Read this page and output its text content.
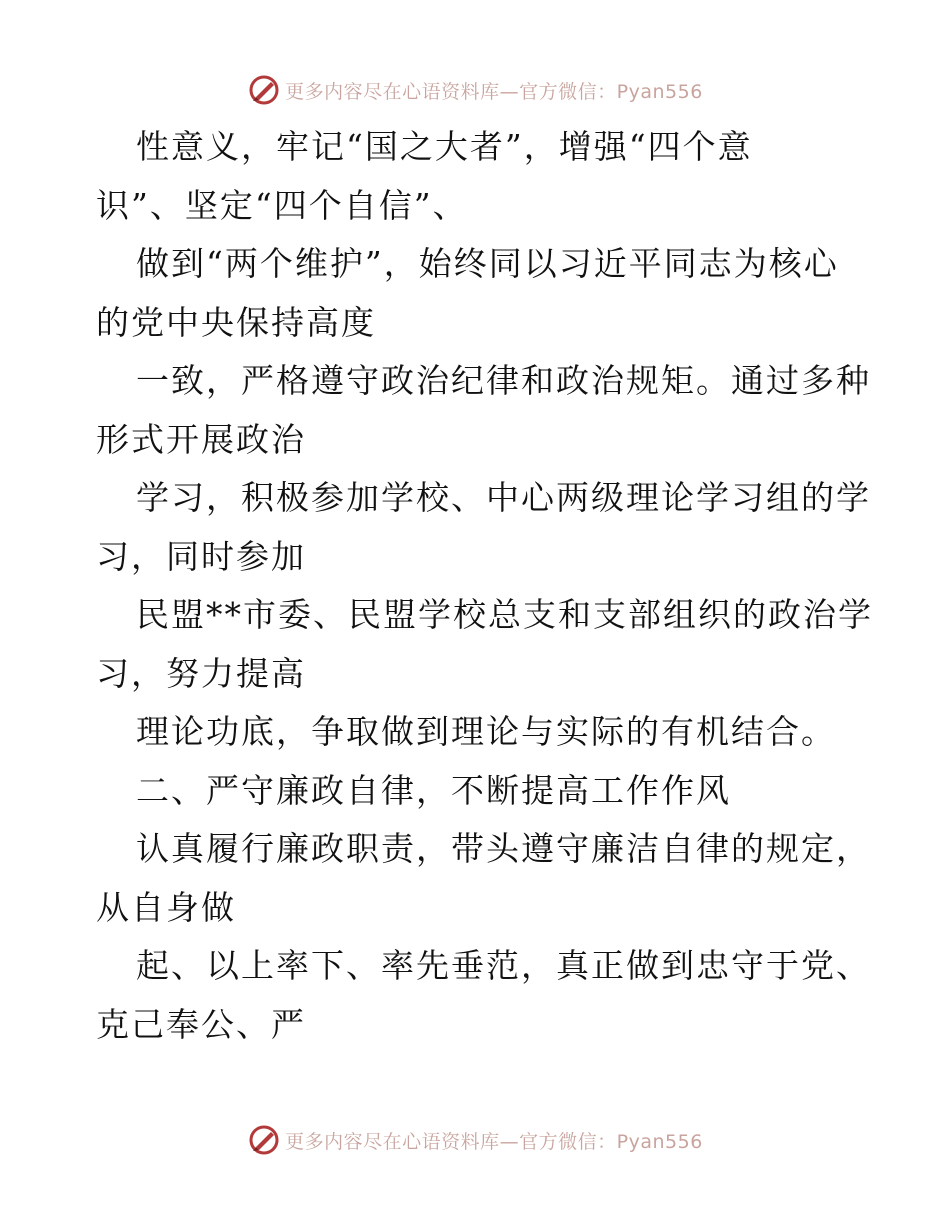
更多内容尽在心语资料库—官方微信：Pyan556
性意义，牢记“国之大者”，增强“四个意
识”、坚定“四个自信”、
做到“两个维护”，始终同以习近平同志为核心
的党中央保持高度
一致，严格遵守政治纪律和政治规矩。通过多种
形式开展政治
学习，积极参加学校、中心两级理论学习组的学
习，同时参加
民盟**市委、民盟学校总支和支部组织的政治学
习，努力提高
理论功底，争取做到理论与实际的有机结合。
二、严守廉政自律，不断提高工作作风
认真履行廉政职责，带头遵守廉洁自律的规定，
从自身做
起、以上率下、率先垂范，真正做到忠守于党、
克己奉公、严
更多内容尽在心语资料库—官方微信：Pyan556
